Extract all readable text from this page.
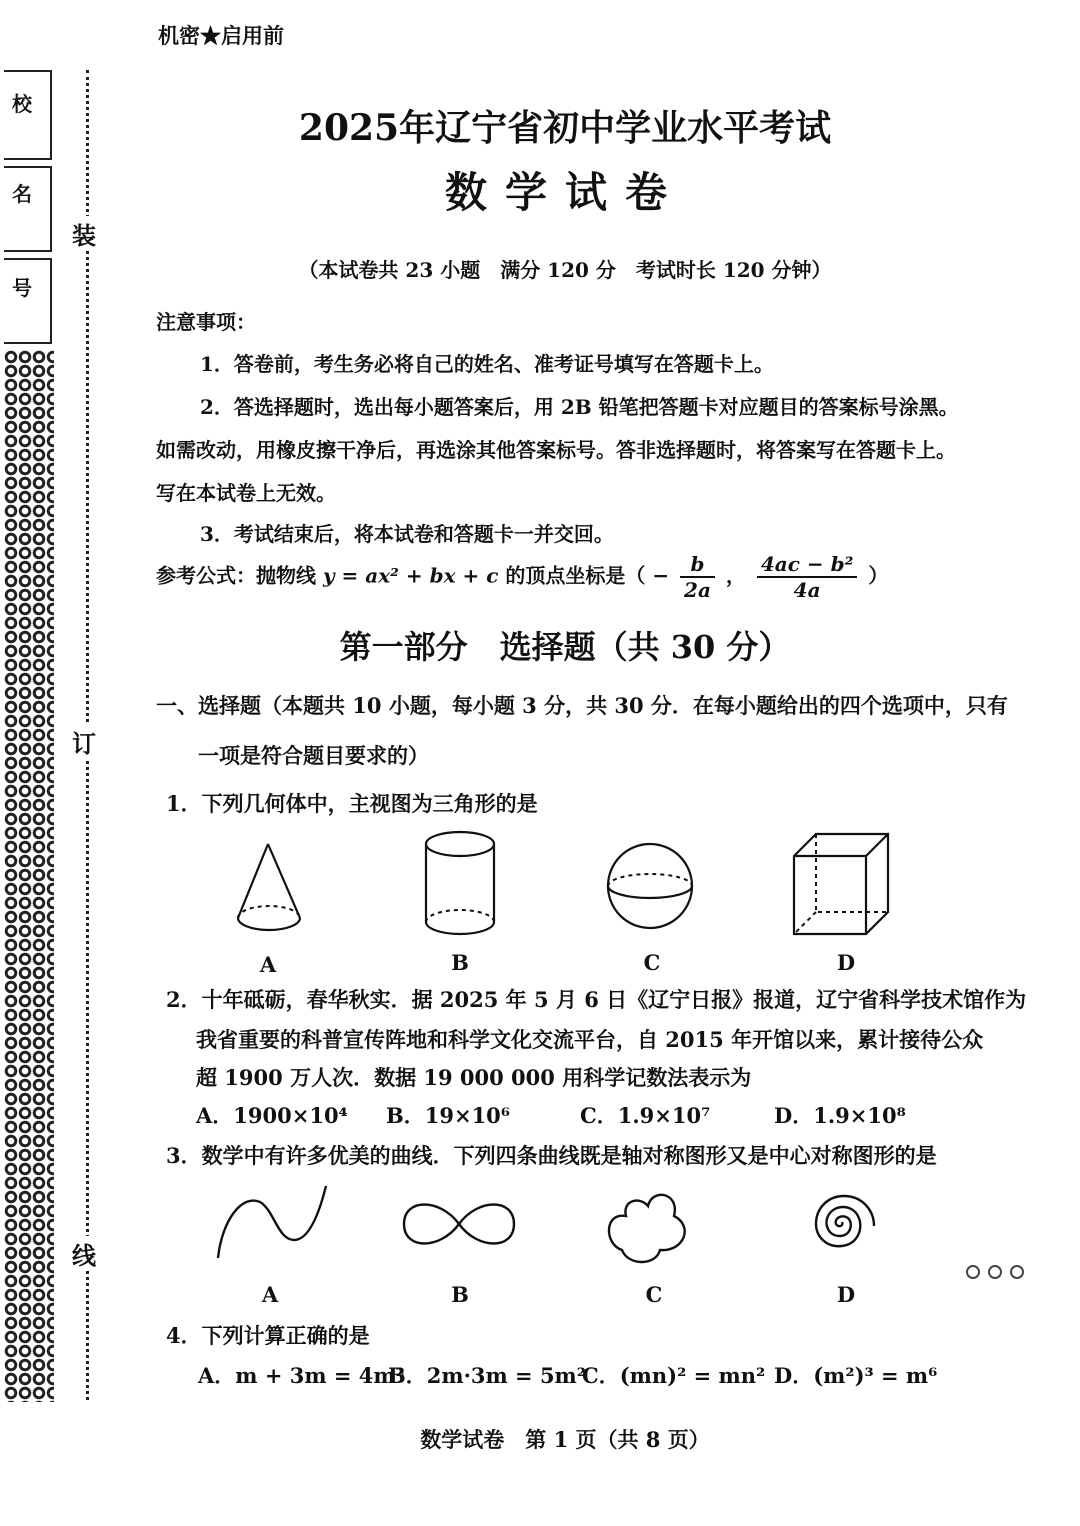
校
名
号
装
订
线
机密★启用前
2025年辽宁省初中学业水平考试
数学试卷
（本试卷共 23 小题　满分 120 分　考试时长 120 分钟）
注意事项：
1．答卷前，考生务必将自己的姓名、准考证号填写在答题卡上。
2．答选择题时，选出每小题答案后，用 2B 铅笔把答题卡对应题目的答案标号涂黑。
如需改动，用橡皮擦干净后，再选涂其他答案标号。答非选择题时，将答案写在答题卡上。
写在本试卷上无效。
3．考试结束后，将本试卷和答题卡一并交回。
参考公式：抛物线 y = ax² + bx + c 的顶点坐标是（ − $\frac{b}{2a}$ ， $\frac{\text{4ac − b²}}{4a}$ ）
第一部分　选择题（共 30 分）
一、选择题（本题共 10 小题，每小题 3 分，共 30 分．在每小题给出的四个选项中，只有
一项是符合题目要求的）
1．下列几何体中，主视图为三角形的是
A	B	C	D
2．十年砥砺，春华秋实．据 2025 年 5 月 6 日《辽宁日报》报道，辽宁省科学技术馆作为
我省重要的科普宣传阵地和科学文化交流平台，自 2015 年开馆以来，累计接待公众
超 1900 万人次．数据 19 000 000 用科学记数法表示为
A．1900×10⁴ B．19×10⁶	C．1.9×10⁷	D．1.9×10⁸
3．数学中有许多优美的曲线．下列四条曲线既是轴对称图形又是中心对称图形的是
A	B	C	D
4．下列计算正确的是
A．m + 3m = 4m²
B．2m·3m = 5m²
C．(mn)² = mn² D．(m²)³ = m⁶
数学试卷　第 1 页（共 8 页）
